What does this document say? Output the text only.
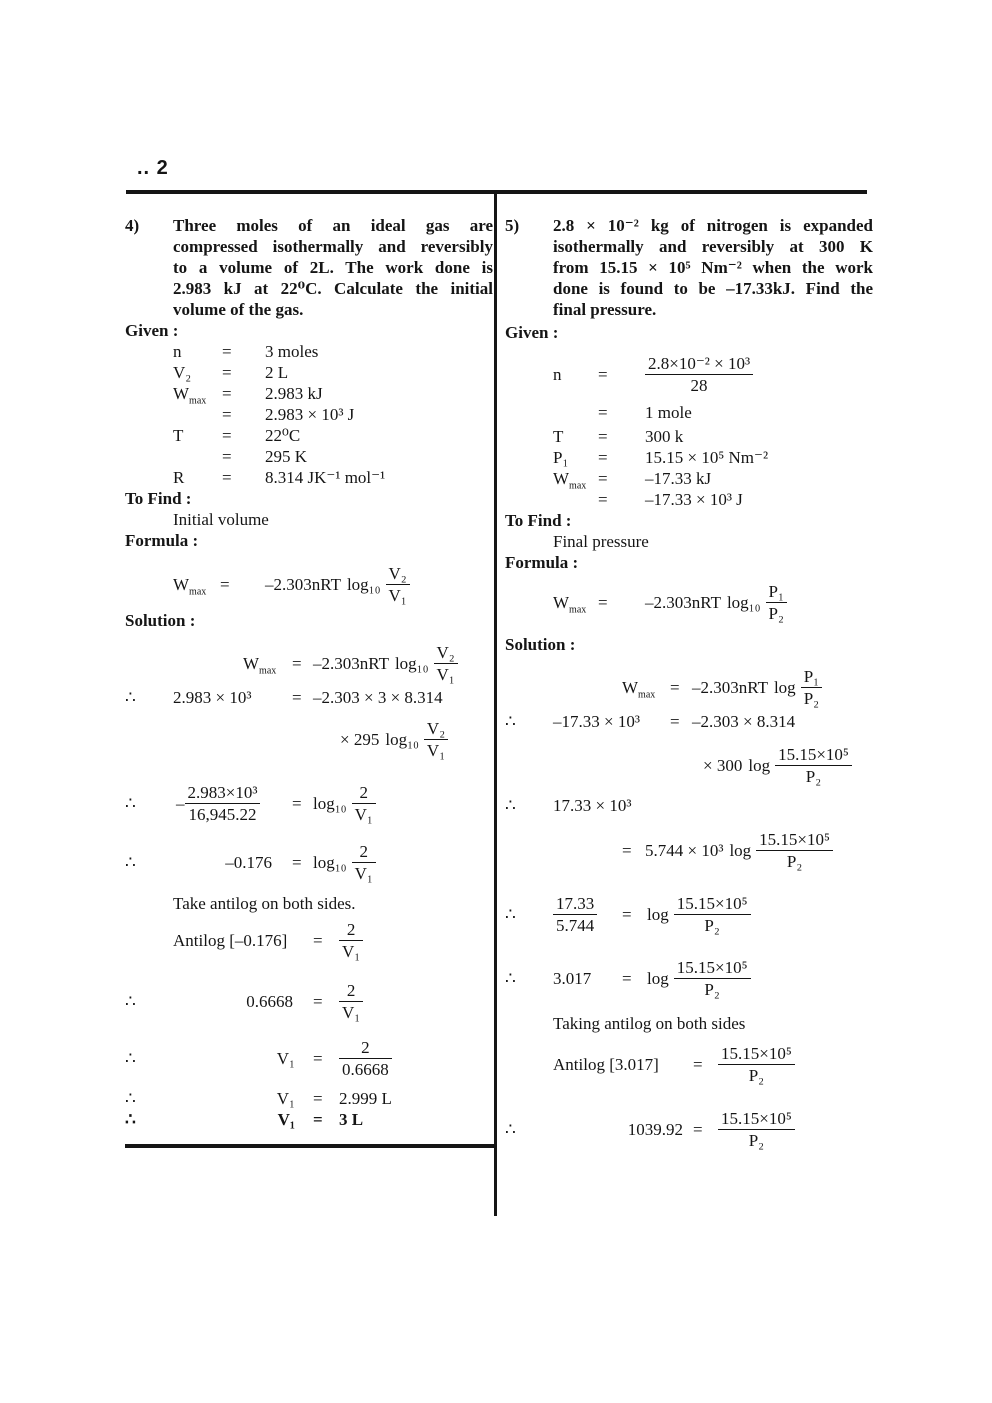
.. 2
4)	Three moles of an ideal gas are
compressed isothermally and reversibly
to a volume of 2L. The work done is
2.983 kJ at 22⁰C. Calculate the initial
volume of the gas.
Given :
n	=	3 moles
V₂	=	2 L
$W_{max}$ =	2.983 kJ
=	2.983 × 10³ J
T	=	22⁰C
=	295 K
R	=	8.314 JK⁻¹ mol⁻¹
To Find :
Initial volume
Formula :
$W_{max}$ =	–2.303nRT $\log_{10} \frac{\text{V₂}}{\text{V₁}}$
Solution :
$W_{max} = -2.303nRT$ $\log_{10} \frac{\text{V₂}}{\text{V₁}}$
∴	2.983 × 10³	= –2.303 × 3 × 8.314
× 295 $\log_{10} \frac{\text{V₂}}{\text{V₁}}$
∴	– $\frac{\text{2.983×10³}}{16,945.22} = \log_{10} \frac{2}{\text{V₁}}$
∴	–0.176	= $\log_{10} \frac{2}{\text{V₁}}$
Take antilog on both sides.
Antilog [–0.176]	= $\frac{2}{\text{V₁}}$
∴	0.6668	= $\frac{2}{\text{V₁}}$
∴	V₁	= $\frac{2}{0.6668}$
∴	V₁	= 2.999 L
∴	V₁	= 3 L
5)	2.8 × 10⁻² kg of nitrogen is expanded
isothermally and reversibly at 300 K
from 15.15 × 10⁵ Nm⁻² when the work
done is found to be –17.33kJ. Find the
final pressure.
Given :
n	=	$\frac{\text{2.8×10⁻² × 10³}}{28}$
=	1 mole
T	=	300 k
P₁	=	15.15 × 10⁵ Nm⁻²
$W_{max}$ =	–17.33 kJ
=	–17.33 × 10³ J
To Find :
Final pressure
Formula :
$W_{max}$ =	–2.303nRT $\log_{10} \frac{\text{P₁}}{\text{P₂}}$
Solution :
$W_{max} = -2.303nRT$ $\log \frac{\text{P₁}}{\text{P₂}}$
∴	–17.33 × 10³	= –2.303 × 8.314
× 300 $\log \frac{\text{15.15×10⁵}}{\text{P₂}}$
∴	17.33 × 10³
= 5.744 × 10³ $\log \frac{\text{15.15×10⁵}}{\text{P₂}}$
∴	$\frac{17.33}{5.744} = \log \frac{\text{15.15×10⁵}}{\text{P₂}}$
∴	3.017	= $\log \frac{\text{15.15×10⁵}}{\text{P₂}}$
Taking antilog on both sides
Antilog [3.017]	= $\frac{\text{15.15×10⁵}}{\text{P₂}}$
∴	$1039.92 = \frac{\text{15.15×10⁵}}{\text{P₂}}$
